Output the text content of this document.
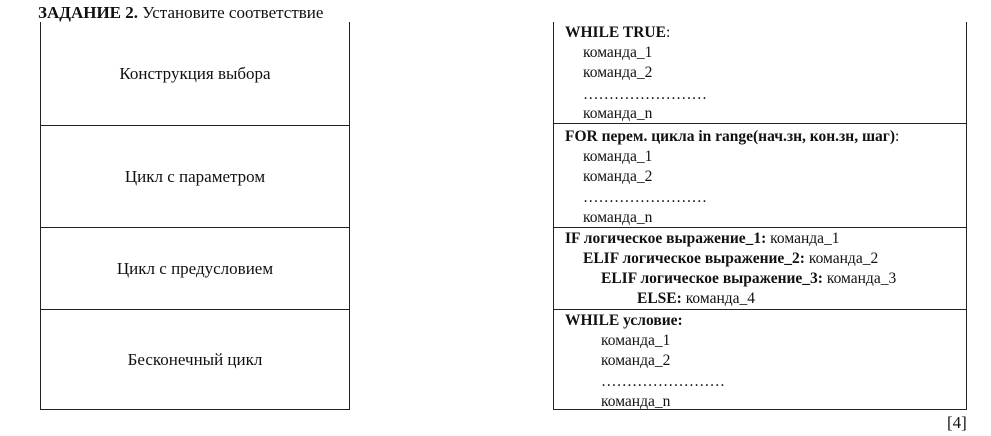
ЗАДАНИЕ 2. Установите соответствие
Конструкция выбора
Цикл с параметром
Цикл с предусловием
Бесконечный цикл
WHILE TRUE:
команда_1
команда_2
……………………
команда_n
FOR перем. цикла in range(нач.зн, кон.зн, шаг):
команда_1
команда_2
……………………
команда_n
IF логическое выражение_1: команда_1
ELIF логическое выражение_2: команда_2
ELIF логическое выражение_3: команда_3
ELSE: команда_4
WHILE условие:
команда_1
команда_2
……………………
команда_n
[4]
